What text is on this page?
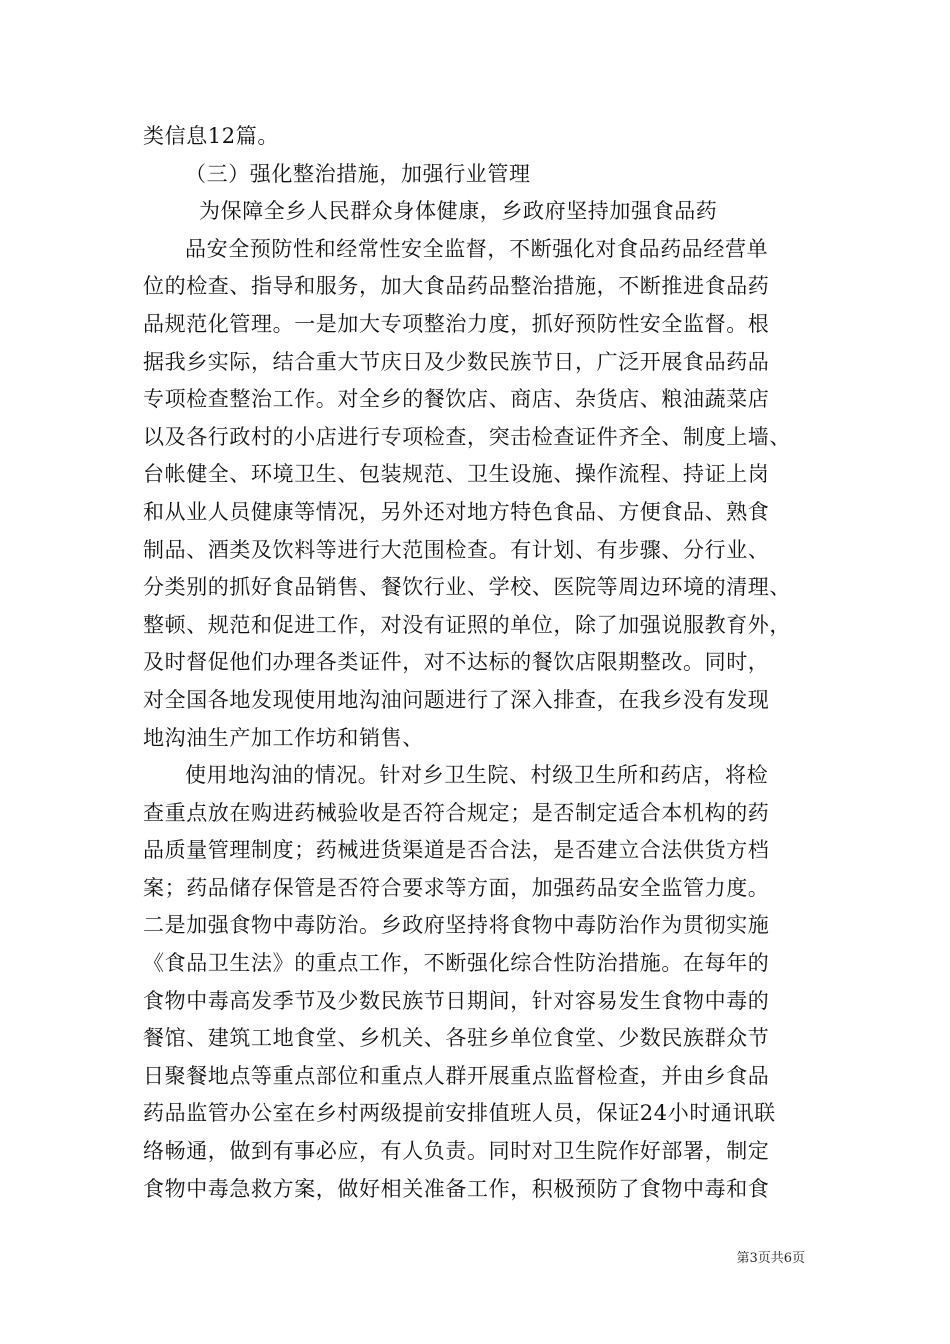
类信息12篇。
（三）强化整治措施，加强行业管理
为保障全乡人民群众身体健康，乡政府坚持加强食品药
品安全预防性和经常性安全监督，不断强化对食品药品经营单
位的检查、指导和服务，加大食品药品整治措施，不断推进食品药
品规范化管理。一是加大专项整治力度，抓好预防性安全监督。根
据我乡实际，结合重大节庆日及少数民族节日，广泛开展食品药品
专项检查整治工作。对全乡的餐饮店、商店、杂货店、粮油蔬菜店
以及各行政村的小店进行专项检查，突击检查证件齐全、制度上墙、
台帐健全、环境卫生、包装规范、卫生设施、操作流程、持证上岗
和从业人员健康等情况，另外还对地方特色食品、方便食品、熟食
制品、酒类及饮料等进行大范围检查。有计划、有步骤、分行业、
分类别的抓好食品销售、餐饮行业、学校、医院等周边环境的清理、
整顿、规范和促进工作，对没有证照的单位，除了加强说服教育外，
及时督促他们办理各类证件，对不达标的餐饮店限期整改。同时，
对全国各地发现使用地沟油问题进行了深入排查，在我乡没有发现
地沟油生产加工作坊和销售、
使用地沟油的情况。针对乡卫生院、村级卫生所和药店，将检
查重点放在购进药械验收是否符合规定；是否制定适合本机构的药
品质量管理制度；药械进货渠道是否合法，是否建立合法供货方档
案；药品储存保管是否符合要求等方面，加强药品安全监管力度。
二是加强食物中毒防治。乡政府坚持将食物中毒防治作为贯彻实施
《食品卫生法》的重点工作，不断强化综合性防治措施。在每年的
食物中毒高发季节及少数民族节日期间，针对容易发生食物中毒的
餐馆、建筑工地食堂、乡机关、各驻乡单位食堂、少数民族群众节
日聚餐地点等重点部位和重点人群开展重点监督检查，并由乡食品
药品监管办公室在乡村两级提前安排值班人员，保证24小时通讯联
络畅通，做到有事必应，有人负责。同时对卫生院作好部署，制定
食物中毒急救方案，做好相关准备工作，积极预防了食物中毒和食
第3页共6页
